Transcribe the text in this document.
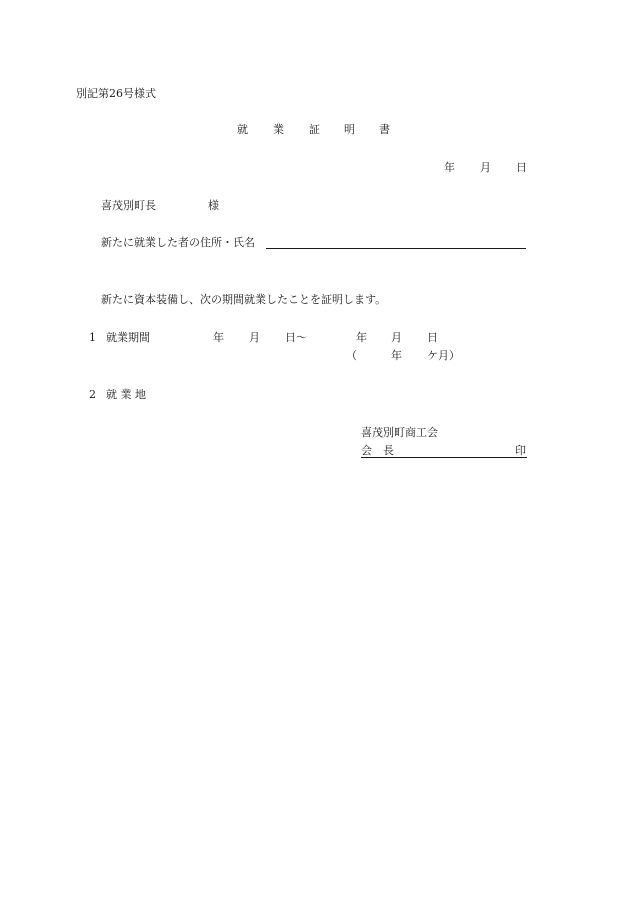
別記第26号様式
就 業 証 明 書
年 月 日
喜茂別町長	様
新たに就業した者の住所・氏名
新たに資本装備し、次の期間就業したことを証明します。
1 就業期間	年 月 日～	年 月 日
（	年 ケ月）
2 就 業 地
喜茂別町商工会
会　長	印
